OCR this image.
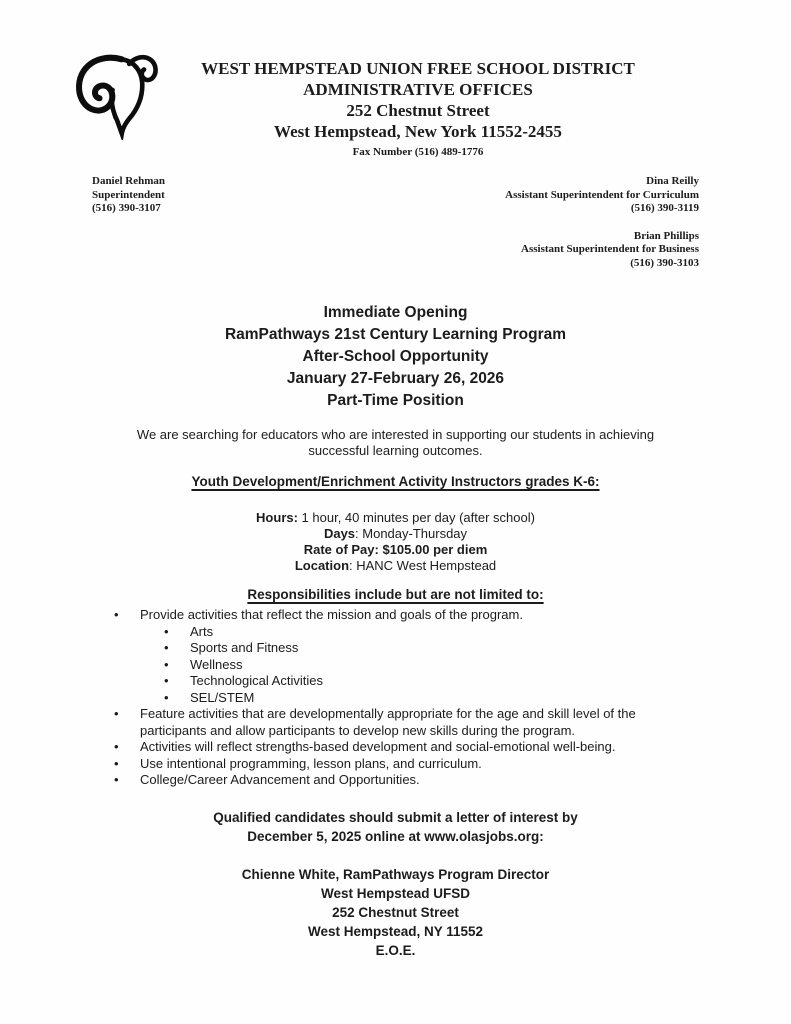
WEST HEMPSTEAD UNION FREE SCHOOL DISTRICT
ADMINISTRATIVE OFFICES
252 Chestnut Street
West Hempstead, New York 11552-2455
Fax Number (516) 489-1776
Daniel Rehman
Superintendent
(516) 390-3107
Dina Reilly
Assistant Superintendent for Curriculum
(516) 390-3119
Brian Phillips
Assistant Superintendent for Business
(516) 390-3103
Immediate Opening
RamPathways 21st Century Learning Program
After-School Opportunity
January 27-February 26, 2026
Part-Time Position
We are searching for educators who are interested in supporting our students in achieving
successful learning outcomes.
Youth Development/Enrichment Activity Instructors grades K-6:
Hours: 1 hour, 40 minutes per day (after school)
Days: Monday-Thursday
Rate of Pay: $105.00 per diem
Location: HANC West Hempstead
Responsibilities include but are not limited to:
•	Provide activities that reflect the mission and goals of the program.
•	Arts
•	Sports and Fitness
•	Wellness
•	Technological Activities
•	SEL/STEM
•	Feature activities that are developmentally appropriate for the age and skill level of the participants and allow participants to develop new skills during the program.
•	Activities will reflect strengths-based development and social-emotional well-being.
•	Use intentional programming, lesson plans, and curriculum.
•	College/Career Advancement and Opportunities.
Qualified candidates should submit a letter of interest by
December 5, 2025 online at www.olasjobs.org:
Chienne White, RamPathways Program Director
West Hempstead UFSD
252 Chestnut Street
West Hempstead, NY 11552
E.O.E.
